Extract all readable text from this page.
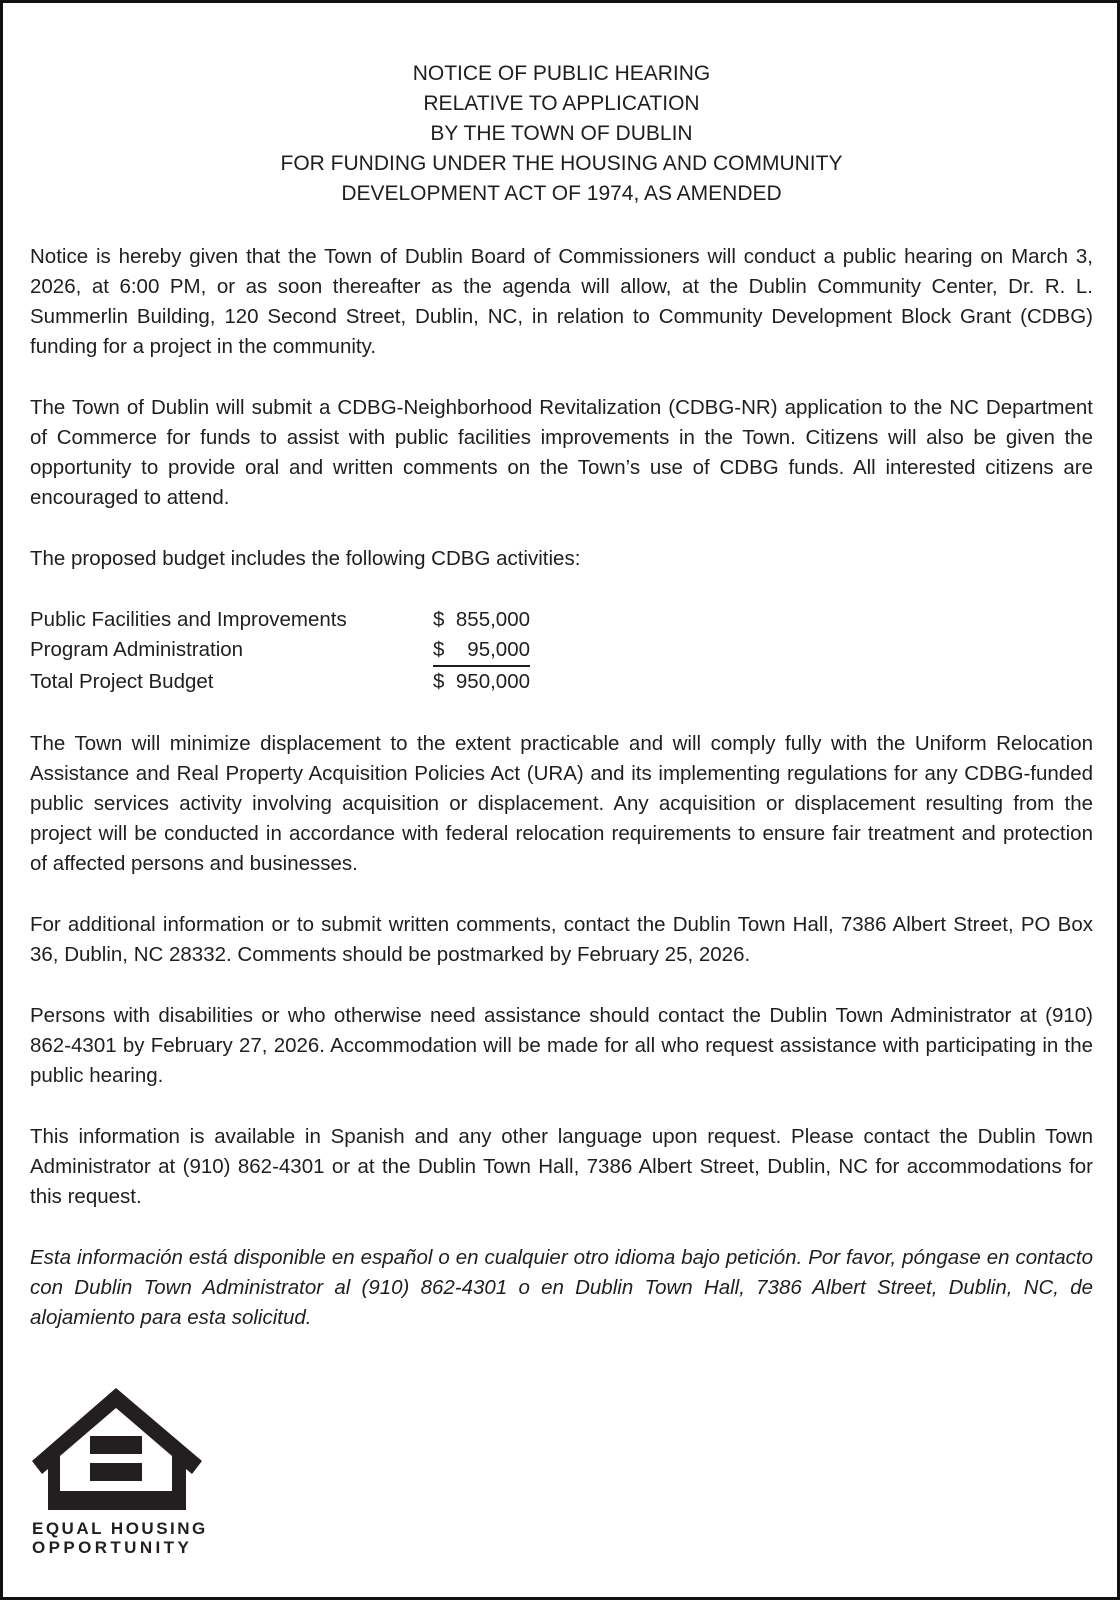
NOTICE OF PUBLIC HEARING
RELATIVE TO APPLICATION
BY THE TOWN OF DUBLIN
FOR FUNDING UNDER THE HOUSING AND COMMUNITY
DEVELOPMENT ACT OF 1974, AS AMENDED

Notice is hereby given that the Town of Dublin Board of Commissioners will conduct a public hearing on March 3, 2026, at 6:00 PM, or as soon thereafter as the agenda will allow, at the Dublin Community Center, Dr. R. L. Summerlin Building, 120 Second Street, Dublin, NC, in relation to Community Development Block Grant (CDBG) funding for a project in the community.

The Town of Dublin will submit a CDBG-Neighborhood Revitalization (CDBG-NR) application to the NC Department of Commerce for funds to assist with public facilities improvements in the Town. Citizens will also be given the opportunity to provide oral and written comments on the Town’s use of CDBG funds. All interested citizens are encouraged to attend.

The proposed budget includes the following CDBG activities:

Public Facilities and Improvements	$ 855,000
Program Administration	$ 95,000
Total Project Budget	$ 950,000

The Town will minimize displacement to the extent practicable and will comply fully with the Uniform Relocation Assistance and Real Property Acquisition Policies Act (URA) and its implementing regulations for any CDBG-funded public services activity involving acquisition or displacement. Any acquisition or displacement resulting from the project will be conducted in accordance with federal relocation requirements to ensure fair treatment and protection of affected persons and businesses.

For additional information or to submit written comments, contact the Dublin Town Hall, 7386 Albert Street, PO Box 36, Dublin, NC 28332. Comments should be postmarked by February 25, 2026.

Persons with disabilities or who otherwise need assistance should contact the Dublin Town Administrator at (910) 862-4301 by February 27, 2026. Accommodation will be made for all who request assistance with participating in the public hearing.

This information is available in Spanish and any other language upon request. Please contact the Dublin Town Administrator at (910) 862-4301 or at the Dublin Town Hall, 7386 Albert Street, Dublin, NC for accommodations for this request.

Esta información está disponible en español o en cualquier otro idioma bajo petición. Por favor, póngase en contacto con Dublin Town Administrator al (910) 862-4301 o en Dublin Town Hall, 7386 Albert Street, Dublin, NC, de alojamiento para esta solicitud.

EQUAL HOUSING
OPPORTUNITY
